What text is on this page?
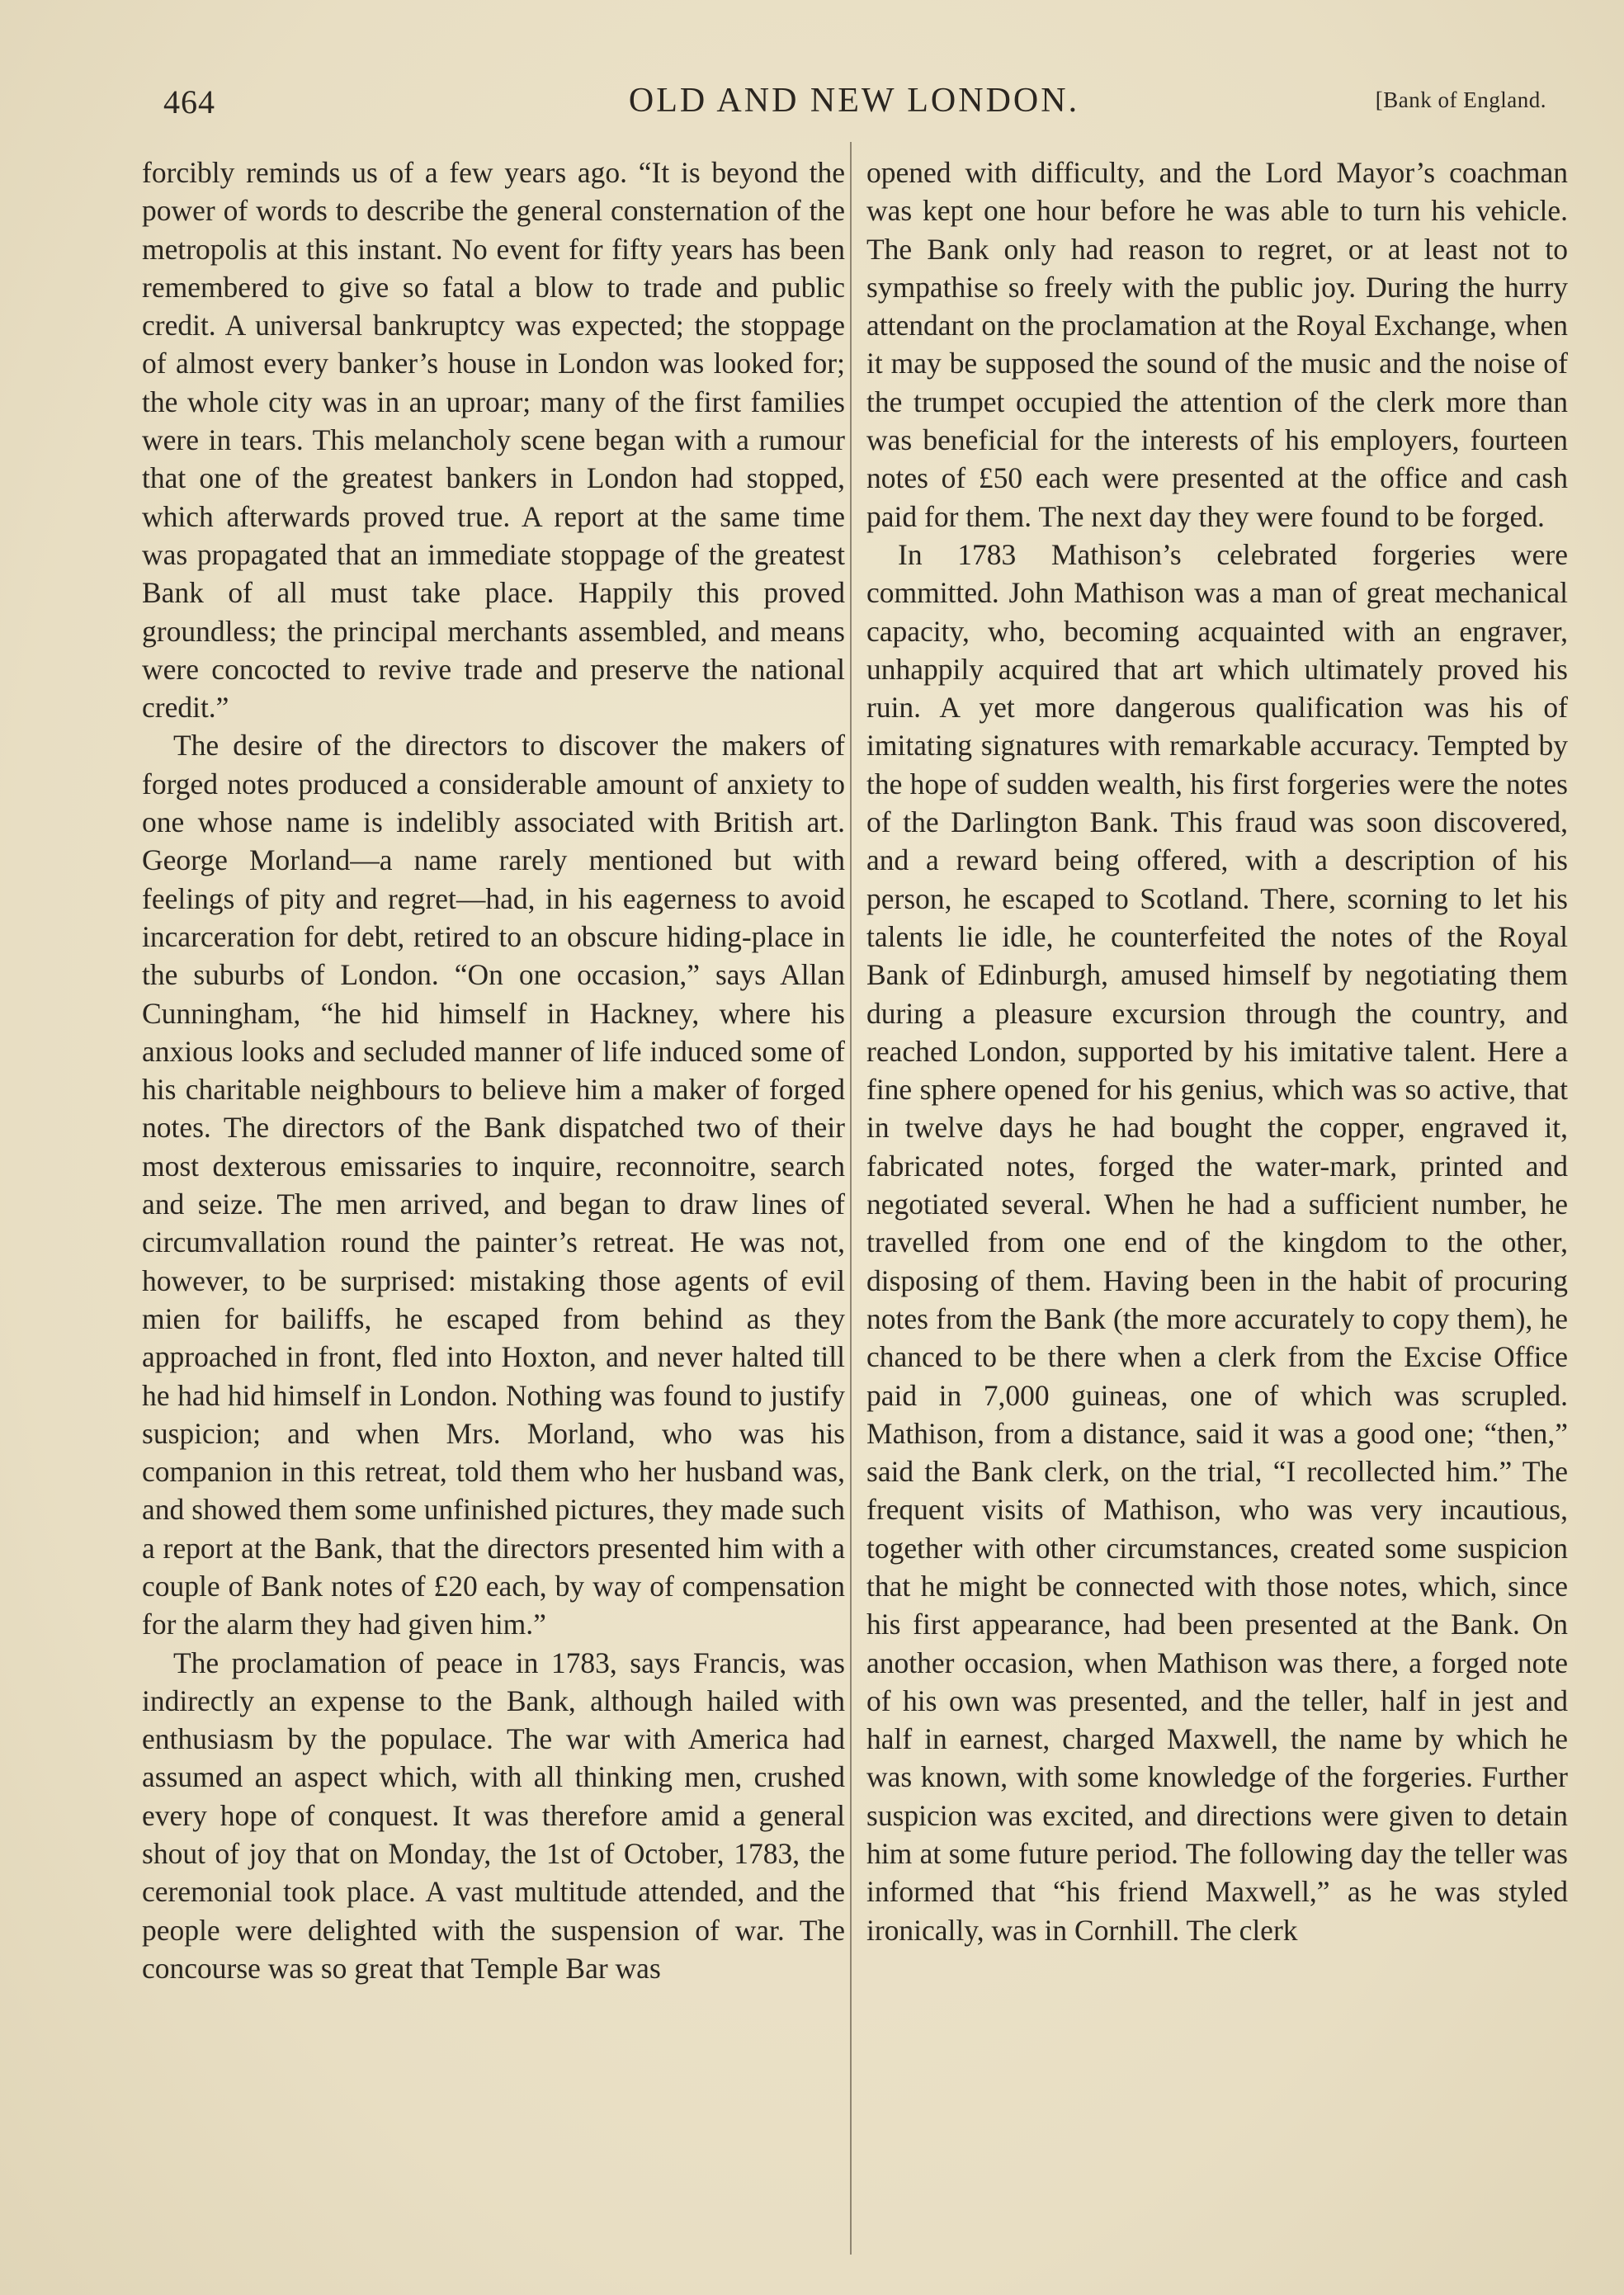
464	OLD AND NEW LONDON.	[Bank of England.

forcibly reminds us of a few years ago. “It is beyond the power of words to describe the general consternation of the metropolis at this instant. No event for fifty years has been remembered to give so fatal a blow to trade and public credit. A universal bankruptcy was expected; the stoppage of almost every banker’s house in London was looked for; the whole city was in an uproar; many of the first families were in tears. This melancholy scene began with a rumour that one of the greatest bankers in London had stopped, which afterwards proved true. A report at the same time was propagated that an immediate stoppage of the greatest Bank of all must take place. Happily this proved groundless; the principal merchants assembled, and means were concocted to revive trade and preserve the national credit.”

The desire of the directors to discover the makers of forged notes produced a considerable amount of anxiety to one whose name is indelibly associated with British art. George Morland—a name rarely mentioned but with feelings of pity and regret—had, in his eagerness to avoid incarceration for debt, retired to an obscure hiding-place in the suburbs of London. “On one occasion,” says Allan Cunningham, “he hid himself in Hackney, where his anxious looks and secluded manner of life induced some of his charitable neighbours to believe him a maker of forged notes. The directors of the Bank dispatched two of their most dexterous emissaries to inquire, reconnoitre, search and seize. The men arrived, and began to draw lines of circumvallation round the painter’s retreat. He was not, however, to be surprised: mistaking those agents of evil mien for bailiffs, he escaped from behind as they approached in front, fled into Hoxton, and never halted till he had hid himself in London. Nothing was found to justify suspicion; and when Mrs. Morland, who was his companion in this retreat, told them who her husband was, and showed them some unfinished pictures, they made such a report at the Bank, that the directors presented him with a couple of Bank notes of £20 each, by way of compensation for the alarm they had given him.”

The proclamation of peace in 1783, says Francis, was indirectly an expense to the Bank, although hailed with enthusiasm by the populace. The war with America had assumed an aspect which, with all thinking men, crushed every hope of conquest. It was therefore amid a general shout of joy that on Monday, the 1st of October, 1783, the ceremonial took place. A vast multitude attended, and the people were delighted with the suspension of war. The concourse was so great that Temple Bar was

opened with difficulty, and the Lord Mayor’s coachman was kept one hour before he was able to turn his vehicle. The Bank only had reason to regret, or at least not to sympathise so freely with the public joy. During the hurry attendant on the proclamation at the Royal Exchange, when it may be supposed the sound of the music and the noise of the trumpet occupied the attention of the clerk more than was beneficial for the interests of his employers, fourteen notes of £50 each were presented at the office and cash paid for them. The next day they were found to be forged.

In 1783 Mathison’s celebrated forgeries were committed. John Mathison was a man of great mechanical capacity, who, becoming acquainted with an engraver, unhappily acquired that art which ultimately proved his ruin. A yet more dangerous qualification was his of imitating signatures with remarkable accuracy. Tempted by the hope of sudden wealth, his first forgeries were the notes of the Darlington Bank. This fraud was soon discovered, and a reward being offered, with a description of his person, he escaped to Scotland. There, scorning to let his talents lie idle, he counterfeited the notes of the Royal Bank of Edinburgh, amused himself by negotiating them during a pleasure excursion through the country, and reached London, supported by his imitative talent. Here a fine sphere opened for his genius, which was so active, that in twelve days he had bought the copper, engraved it, fabricated notes, forged the water-mark, printed and negotiated several. When he had a sufficient number, he travelled from one end of the kingdom to the other, disposing of them. Having been in the habit of procuring notes from the Bank (the more accurately to copy them), he chanced to be there when a clerk from the Excise Office paid in 7,000 guineas, one of which was scrupled. Mathison, from a distance, said it was a good one; “then,” said the Bank clerk, on the trial, “I recollected him.” The frequent visits of Mathison, who was very incautious, together with other circumstances, created some suspicion that he might be connected with those notes, which, since his first appearance, had been presented at the Bank. On another occasion, when Mathison was there, a forged note of his own was presented, and the teller, half in jest and half in earnest, charged Maxwell, the name by which he was known, with some knowledge of the forgeries. Further suspicion was excited, and directions were given to detain him at some future period. The following day the teller was informed that “his friend Maxwell,” as he was styled ironically, was in Cornhill. The clerk
